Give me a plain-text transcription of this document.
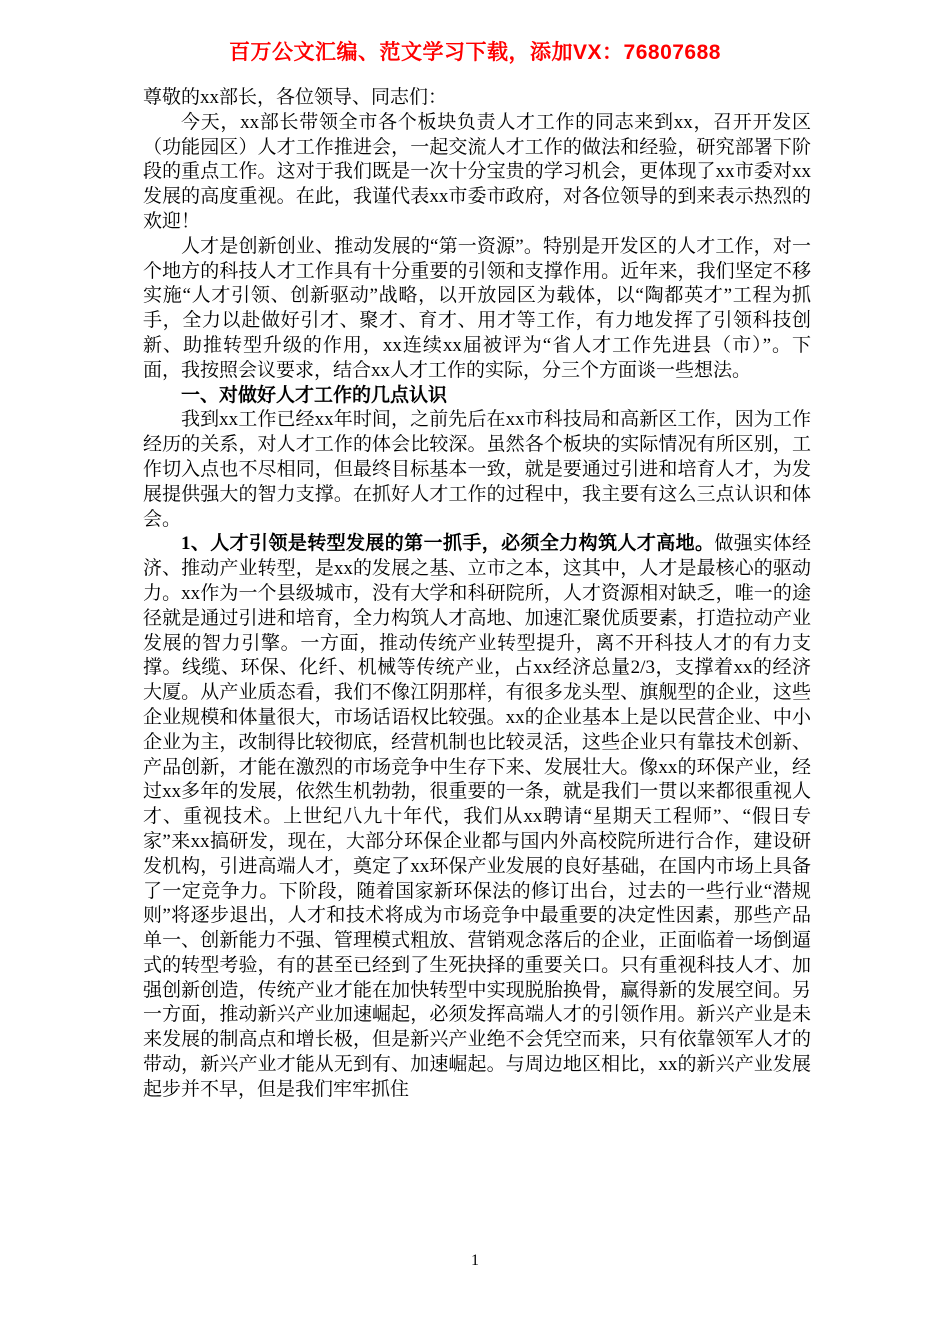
百万公文汇编、范文学习下载，添加VX：76807688

尊敬的xx部长，各位领导、同志们：

今天，xx部长带领全市各个板块负责人才工作的同志来到xx，召开开发区（功能园区）人才工作推进会，一起交流人才工作的做法和经验，研究部署下阶段的重点工作。这对于我们既是一次十分宝贵的学习机会，更体现了xx市委对xx发展的高度重视。在此，我谨代表xx市委市政府，对各位领导的到来表示热烈的欢迎！

人才是创新创业、推动发展的“第一资源”。特别是开发区的人才工作，对一个地方的科技人才工作具有十分重要的引领和支撑作用。近年来，我们坚定不移实施“人才引领、创新驱动”战略，以开放园区为载体，以“陶都英才”工程为抓手，全力以赴做好引才、聚才、育才、用才等工作，有力地发挥了引领科技创新、助推转型升级的作用，xx连续xx届被评为“省人才工作先进县（市）”。下面，我按照会议要求，结合xx人才工作的实际，分三个方面谈一些想法。

一、对做好人才工作的几点认识

我到xx工作已经xx年时间，之前先后在xx市科技局和高新区工作，因为工作经历的关系，对人才工作的体会比较深。虽然各个板块的实际情况有所区别，工作切入点也不尽相同，但最终目标基本一致，就是要通过引进和培育人才，为发展提供强大的智力支撑。在抓好人才工作的过程中，我主要有这么三点认识和体会。

1、人才引领是转型发展的第一抓手，必须全力构筑人才高地。做强实体经济、推动产业转型，是xx的发展之基、立市之本，这其中，人才是最核心的驱动力。xx作为一个县级城市，没有大学和科研院所，人才资源相对缺乏，唯一的途径就是通过引进和培育，全力构筑人才高地、加速汇聚优质要素，打造拉动产业发展的智力引擎。一方面，推动传统产业转型提升，离不开科技人才的有力支撑。线缆、环保、化纤、机械等传统产业，占xx经济总量2/3，支撑着xx的经济大厦。从产业质态看，我们不像江阴那样，有很多龙头型、旗舰型的企业，这些企业规模和体量很大，市场话语权比较强。xx的企业基本上是以民营企业、中小企业为主，改制得比较彻底，经营机制也比较灵活，这些企业只有靠技术创新、产品创新，才能在激烈的市场竞争中生存下来、发展壮大。像xx的环保产业，经过xx多年的发展，依然生机勃勃，很重要的一条，就是我们一贯以来都很重视人才、重视技术。上世纪八九十年代，我们从xx聘请“星期天工程师”、“假日专家”来xx搞研发，现在，大部分环保企业都与国内外高校院所进行合作，建设研发机构，引进高端人才，奠定了xx环保产业发展的良好基础，在国内市场上具备了一定竞争力。下阶段，随着国家新环保法的修订出台，过去的一些行业“潜规则”将逐步退出，人才和技术将成为市场竞争中最重要的决定性因素，那些产品单一、创新能力不强、管理模式粗放、营销观念落后的企业，正面临着一场倒逼式的转型考验，有的甚至已经到了生死抉择的重要关口。只有重视科技人才、加强创新创造，传统产业才能在加快转型中实现脱胎换骨，赢得新的发展空间。另一方面，推动新兴产业加速崛起，必须发挥高端人才的引领作用。新兴产业是未来发展的制高点和增长极，但是新兴产业绝不会凭空而来，只有依靠领军人才的带动，新兴产业才能从无到有、加速崛起。与周边地区相比，xx的新兴产业发展起步并不早，但是我们牢牢抓住

1
